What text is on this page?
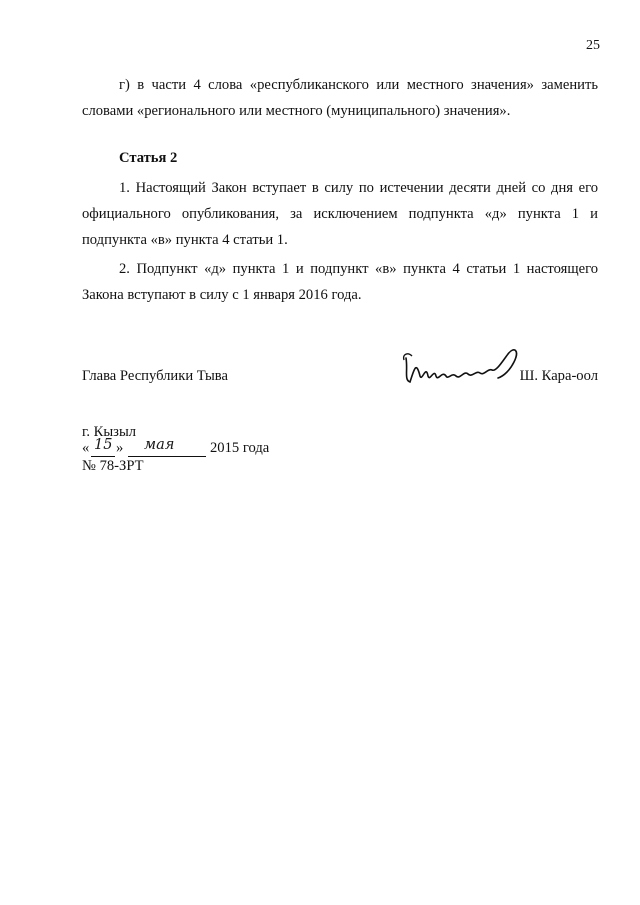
25

г) в части 4 слова «республиканского или местного значения» заменить словами «регионального или местного (муниципального) значения».

Статья 2

1. Настоящий Закон вступает в силу по истечении десяти дней со дня его официального опубликования, за исключением подпункта «д» пункта 1 и подпункта «в» пункта 4 статьи 1.

2. Подпункт «д» пункта 1 и подпункт «в» пункта 4 статьи 1 настоящего Закона вступают в силу с 1 января 2016 года.

Глава Республики Тыва	Ш. Кара-оол
г. Кызыл
« 15 » мая 2015 года
№ 78-ЗРТ
